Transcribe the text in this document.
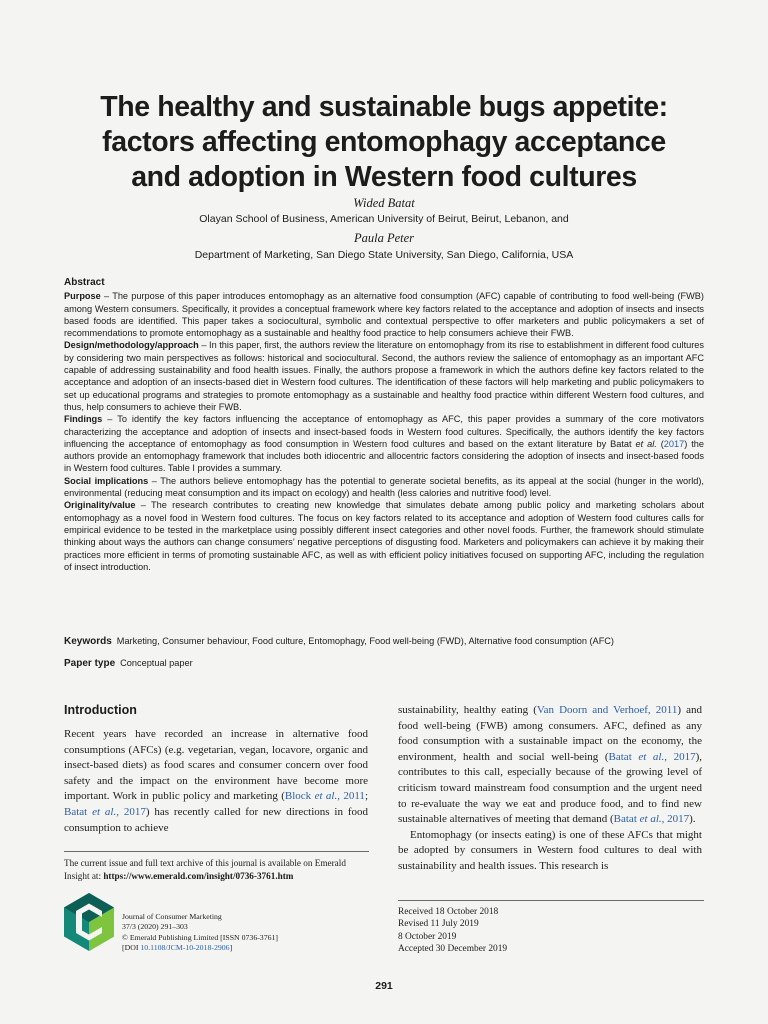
The healthy and sustainable bugs appetite:
factors affecting entomophagy acceptance
and adoption in Western food cultures
Wided Batat
Olayan School of Business, American University of Beirut, Beirut, Lebanon, and
Paula Peter
Department of Marketing, San Diego State University, San Diego, California, USA

Abstract

Purpose – The purpose of this paper introduces entomophagy as an alternative food consumption (AFC) capable of contributing to food well-being (FWB) among Western consumers. Specifically, it provides a conceptual framework where key factors related to the acceptance and adoption of insects and insects based foods are identified. This paper takes a sociocultural, symbolic and contextual perspective to offer marketers and public policymakers a set of recommendations to promote entomophagy as a sustainable and healthy food practice to help consumers achieve their FWB.

Design/methodology/approach – In this paper, first, the authors review the literature on entomophagy from its rise to establishment in different food cultures by considering two main perspectives as follows: historical and sociocultural. Second, the authors review the salience of entomophagy as an important AFC capable of addressing sustainability and food health issues. Finally, the authors propose a framework in which the authors define key factors related to the acceptance and adoption of an insects-based diet in Western food cultures. The identification of these factors will help marketing and public policymakers to set up educational programs and strategies to promote entomophagy as a sustainable and healthy food practice within different Western food cultures, and thus, help consumers to achieve their FWB.

Findings – To identify the key factors influencing the acceptance of entomophagy as AFC, this paper provides a summary of the core motivators characterizing the acceptance and adoption of insects and insect-based foods in Western food cultures. Specifically, the authors identify the key factors influencing the acceptance of entomophagy as food consumption in Western food cultures and based on the extant literature by Batat et al. (2017) the authors provide an entomophagy framework that includes both idiocentric and allocentric factors considering the adoption of insects and insect-based foods in Western food cultures. Table I provides a summary.

Social implications – The authors believe entomophagy has the potential to generate societal benefits, as its appeal at the social (hunger in the world), environmental (reducing meat consumption and its impact on ecology) and health (less calories and nutritive food) level.

Originality/value – The research contributes to creating new knowledge that simulates debate among public policy and marketing scholars about entomophagy as a novel food in Western food cultures. The focus on key factors related to its acceptance and adoption of Western food cultures calls for empirical evidence to be tested in the marketplace using possibly different insect categories and other novel foods. Further, the framework should stimulate thinking about ways the authors can change consumers’ negative perceptions of disgusting food. Marketers and policymakers can achieve it by making their practices more efficient in terms of promoting sustainable AFC, as well as with efficient policy initiatives focused on supporting AFC, including the regulation of insect introduction.

Keywords Marketing, Consumer behaviour, Food culture, Entomophagy, Food well-being (FWD), Alternative food consumption (AFC)
Paper type Conceptual paper
Introduction

Recent years have recorded an increase in alternative food consumptions (AFCs) (e.g. vegetarian, vegan, locavore, organic and insect-based diets) as food scares and consumer concern over food safety and the impact on the environment have become more important. Work in public policy and marketing (Block et al., 2011; Batat et al., 2017) has recently called for new directions in food consumption to achieve

sustainability, healthy eating (Van Doorn and Verhoef, 2011) and food well-being (FWB) among consumers. AFC, defined as any food consumption with a sustainable impact on the economy, the environment, health and social well-being (Batat et al., 2017), contributes to this call, especially because of the growing level of criticism toward mainstream food consumption and the urgent need to re-evaluate the way we eat and produce food, and to find new sustainable alternatives of meeting that demand (Batat et al., 2017).

Entomophagy (or insects eating) is one of these AFCs that might be adopted by consumers in Western food cultures to deal with sustainability and health issues. This research is

The current issue and full text archive of this journal is available on Emerald Insight at: https://www.emerald.com/insight/0736-3761.htm
Journal of Consumer Marketing
37/3 (2020) 291–303
© Emerald Publishing Limited [ISSN 0736-3761]
[DOI 10.1108/JCM-10-2018-2906]
Received 18 October 2018
Revised 11 July 2019
8 October 2019
Accepted 30 December 2019
291
